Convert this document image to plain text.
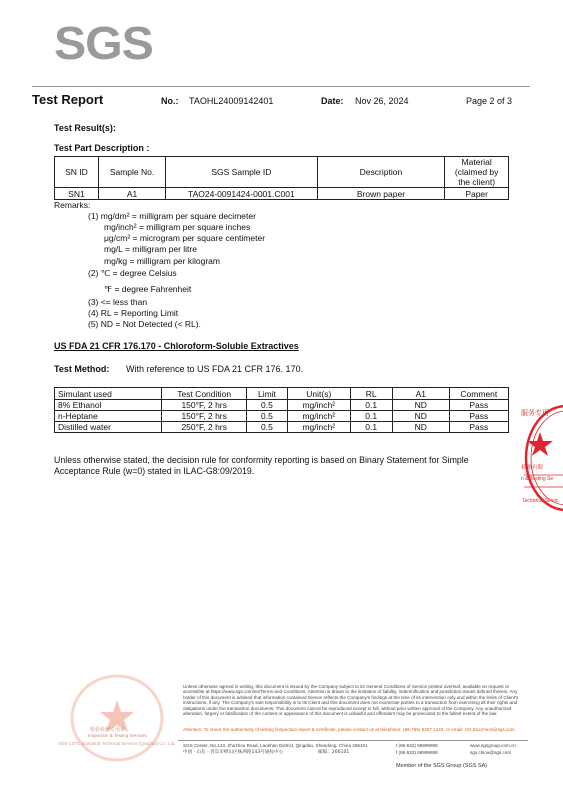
SGS
Test Report	No.: TAOHL24009142401	Date: Nov 26, 2024	Page 2 of 3
Test Result(s):
Test Part Description :
SN ID	Sample No.	SGS Sample ID	Description	Material
(claimed by
the client)

SN1	A1	TAO24-0091424-0001.C001	Brown paper	Paper
Remarks:
(1) mg/dm² = milligram per square decimeter
mg/inch² = milligram per square inches
μg/cm² = microgram per square centimeter
mg/L = milligram per litre
mg/kg = milligram per kilogram
(2) ℃ = degree Celsius
℉ = degree Fahrenheit
(3) <= less than
(4) RL = Reporting Limit
(5) ND = Not Detected (< RL).
US FDA 21 CFR 176.170 - Chloroform-Soluble Extractives
Test Method: With reference to US FDA 21 CFR 176. 170.
Simulant used	Test Condition	Limit	Unit(s)	RL	A1	Comment
8% Ethanol	150°F, 2 hrs	0.5	mg/inch²	0.1	ND	Pass
n-Heptane	150°F, 2 hrs	0.5	mg/inch²	0.1	ND	Pass
Distilled water	250°F, 2 hrs	0.5	mg/inch²	0.1	ND	Pass
Unless otherwise stated, the decision rule for conformity reporting is based on Binary Statement for Simple Acceptance Rule (w=0) stated in ILAC-G8:09/2019.
服务专用
检测有限
n & Testing Se
Technical Servic
检验检测专用章
Inspection & Testing Services
SGS-CSTC Standards Technical Services (Qingdao) Co., Ltd.
Unless otherwise agreed in writing, this document is issued by the Company subject to its General Conditions of Service printed overleaf, available on request or accessible at https://www.sgs.com/en/Terms-and-Conditions. Attention is drawn to the limitation of liability, indemnification and jurisdiction issues defined therein. Any holder of this document is advised that information contained hereon reflects the Company's findings at the time of its intervention only and within the limits of Client's instructions, if any. The Company's sole responsibility is to its Client and this document does not exonerate parties to a transaction from exercising all their rights and obligations under the transaction documents. This document cannot be reproduced except in full, without prior written approval of the Company. Any unauthorized alteration, forgery or falsification of the content or appearance of this document is unlawful and offenders may be prosecuted to the fullest extent of the law.
Attention: To check the authenticity of testing /inspection report & certificate, please contact us at telephone: (86-755) 8307 1443, or email: CN.Doccheck@sgs.com
SGS Center, No.143, Zhuzhou Road, Laoshan District, Qingdao, Shandong, China 266101
中国 · 山东 · 青岛市崂山区株洲路143号通标中心	邮编：266101
t (86-532) 68999888
f (86-532) 68999888
www.sgsgroup.com.cn
sgs.china@sgs.com
Member of the SGS Group (SGS SA)
